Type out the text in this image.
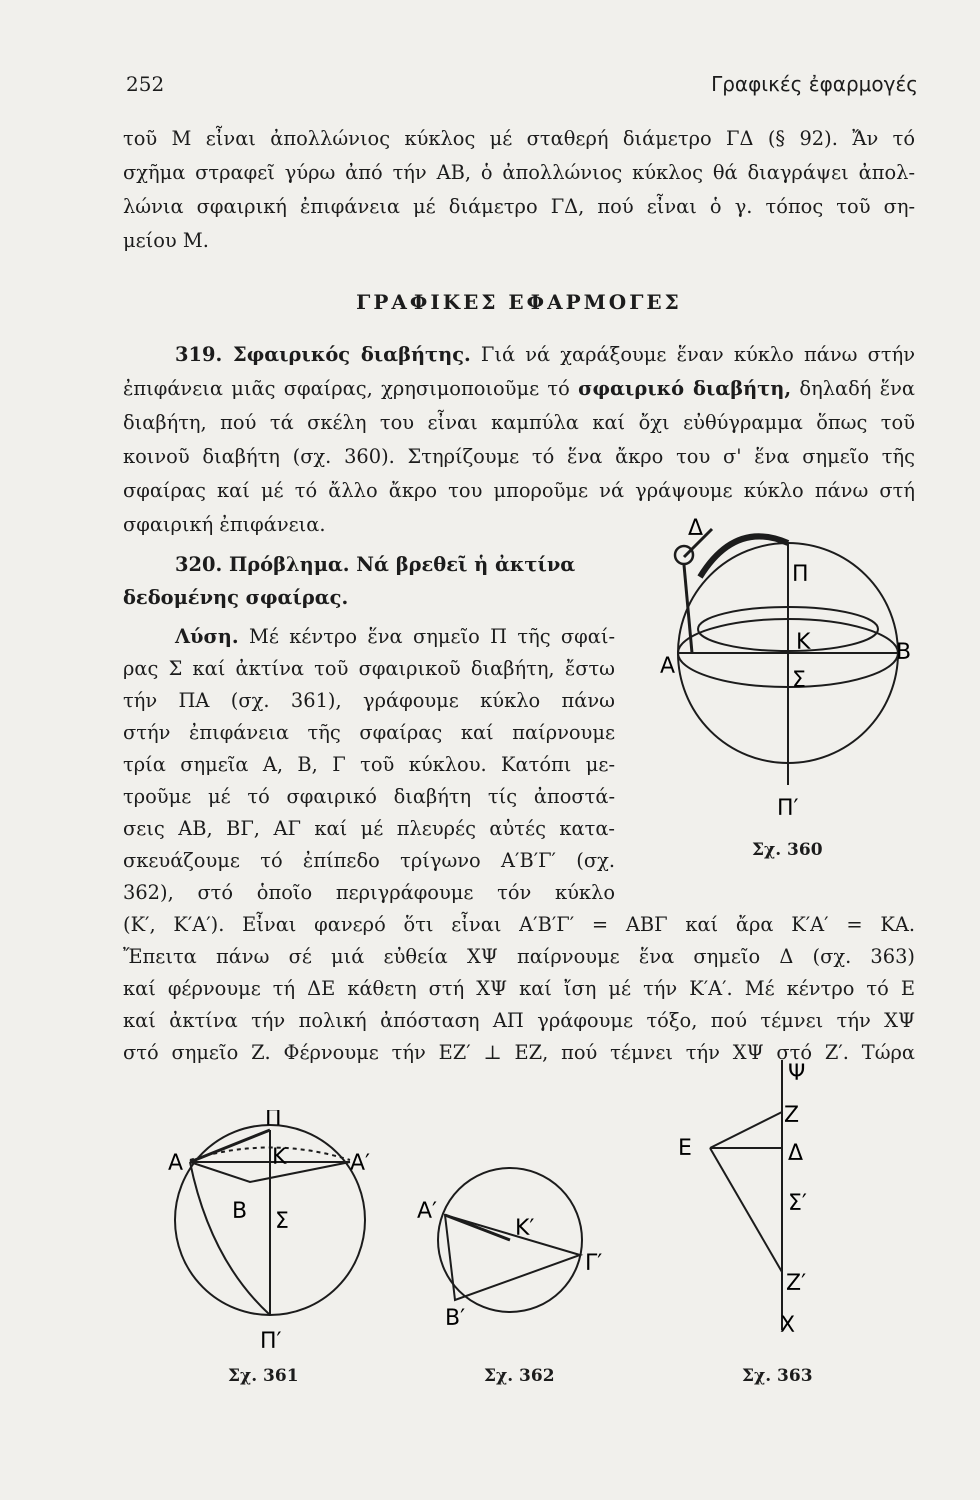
252	Γραφικές ἐφαρμογές
τοῦ Μ εἶναι ἀπολλώνιος κύκλος μέ σταθερή διάμετρο ΓΔ (§ 92). Ἄν τό
σχῆμα στραφεῖ γύρω ἀπό τήν ΑΒ, ὁ ἀπολλώνιος κύκλος θά διαγράψει ἀπολ-
λώνια σφαιρική ἐπιφάνεια μέ διάμετρο ΓΔ, πού εἶναι ὁ γ. τόπος τοῦ ση-
μείου Μ.
ΓΡΑΦΙΚΕΣ ΕΦΑΡΜΟΓΕΣ
319. Σφαιρικός διαβήτης. Γιά νά χαράξουμε ἕναν κύκλο πάνω στήν
ἐπιφάνεια μιᾶς σφαίρας, χρησιμοποιοῦμε τό σφαιρικό διαβήτη, δηλαδή ἕνα
διαβήτη, πού τά σκέλη του εἶναι καμπύλα καί ὄχι εὐθύγραμμα ὅπως τοῦ
κοινοῦ διαβήτη (σχ. 360). Στηρίζουμε τό ἕνα ἄκρο του σ' ἕνα σημεῖο τῆς
σφαίρας καί μέ τό ἄλλο ἄκρο του μποροῦμε νά γράψουμε κύκλο πάνω στή
σφαιρική ἐπιφάνεια.
320. Πρόβλημα. Νά βρεθεῖ ἡ ἀκτίνα
δεδομένης σφαίρας.
Λύση. Μέ κέντρο ἕνα σημεῖο Π τῆς σφαί-
ρας Σ καί ἀκτίνα τοῦ σφαιρικοῦ διαβήτη, ἔστω
τήν ΠΑ (σχ. 361), γράφουμε κύκλο πάνω
στήν ἐπιφάνεια τῆς σφαίρας καί παίρνουμε
τρία σημεῖα Α, Β, Γ τοῦ κύκλου. Κατόπι με-
τροῦμε μέ τό σφαιρικό διαβήτη τίς ἀποστά-
σεις ΑΒ, ΒΓ, ΑΓ καί μέ πλευρές αὐτές κατα-
σκευάζουμε τό ἐπίπεδο τρίγωνο Α′Β′Γ′ (σχ.
362), στό ὁποῖο περιγράφουμε τόν κύκλο
(Κ′, Κ′Α′). Εἶναι φανερό ὅτι εἶναι Α′Β′Γ′ = ΑΒΓ καί ἄρα Κ′Α′ = ΚΑ.
Ἔπειτα πάνω σέ μιά εὐθεία ΧΨ παίρνουμε ἕνα σημεῖο Δ (σχ. 363)
καί φέρνουμε τή ΔΕ κάθετη στή ΧΨ καί ἴση μέ τήν Κ′Α′. Μέ κέντρο τό Ε
καί ἀκτίνα τήν πολική ἀπόσταση ΑΠ γράφουμε τόξο, πού τέμνει τήν ΧΨ
στό σημεῖο Ζ. Φέρνουμε τήν ΕΖ′ ⊥ ΕΖ, πού τέμνει τήν ΧΨ στό Ζ′. Τώρα
Δ
Π
Κ
Α
Β
Σ
Π′
Σχ. 360
Π
Α	Κ	Α′
Β Σ
Π′
Σχ. 361
Α′
Κ′
Γ′
Β′
Σχ. 362
Ψ
Ζ
Ε	Δ
Σ′
Ζ′
Χ
Σχ. 363
